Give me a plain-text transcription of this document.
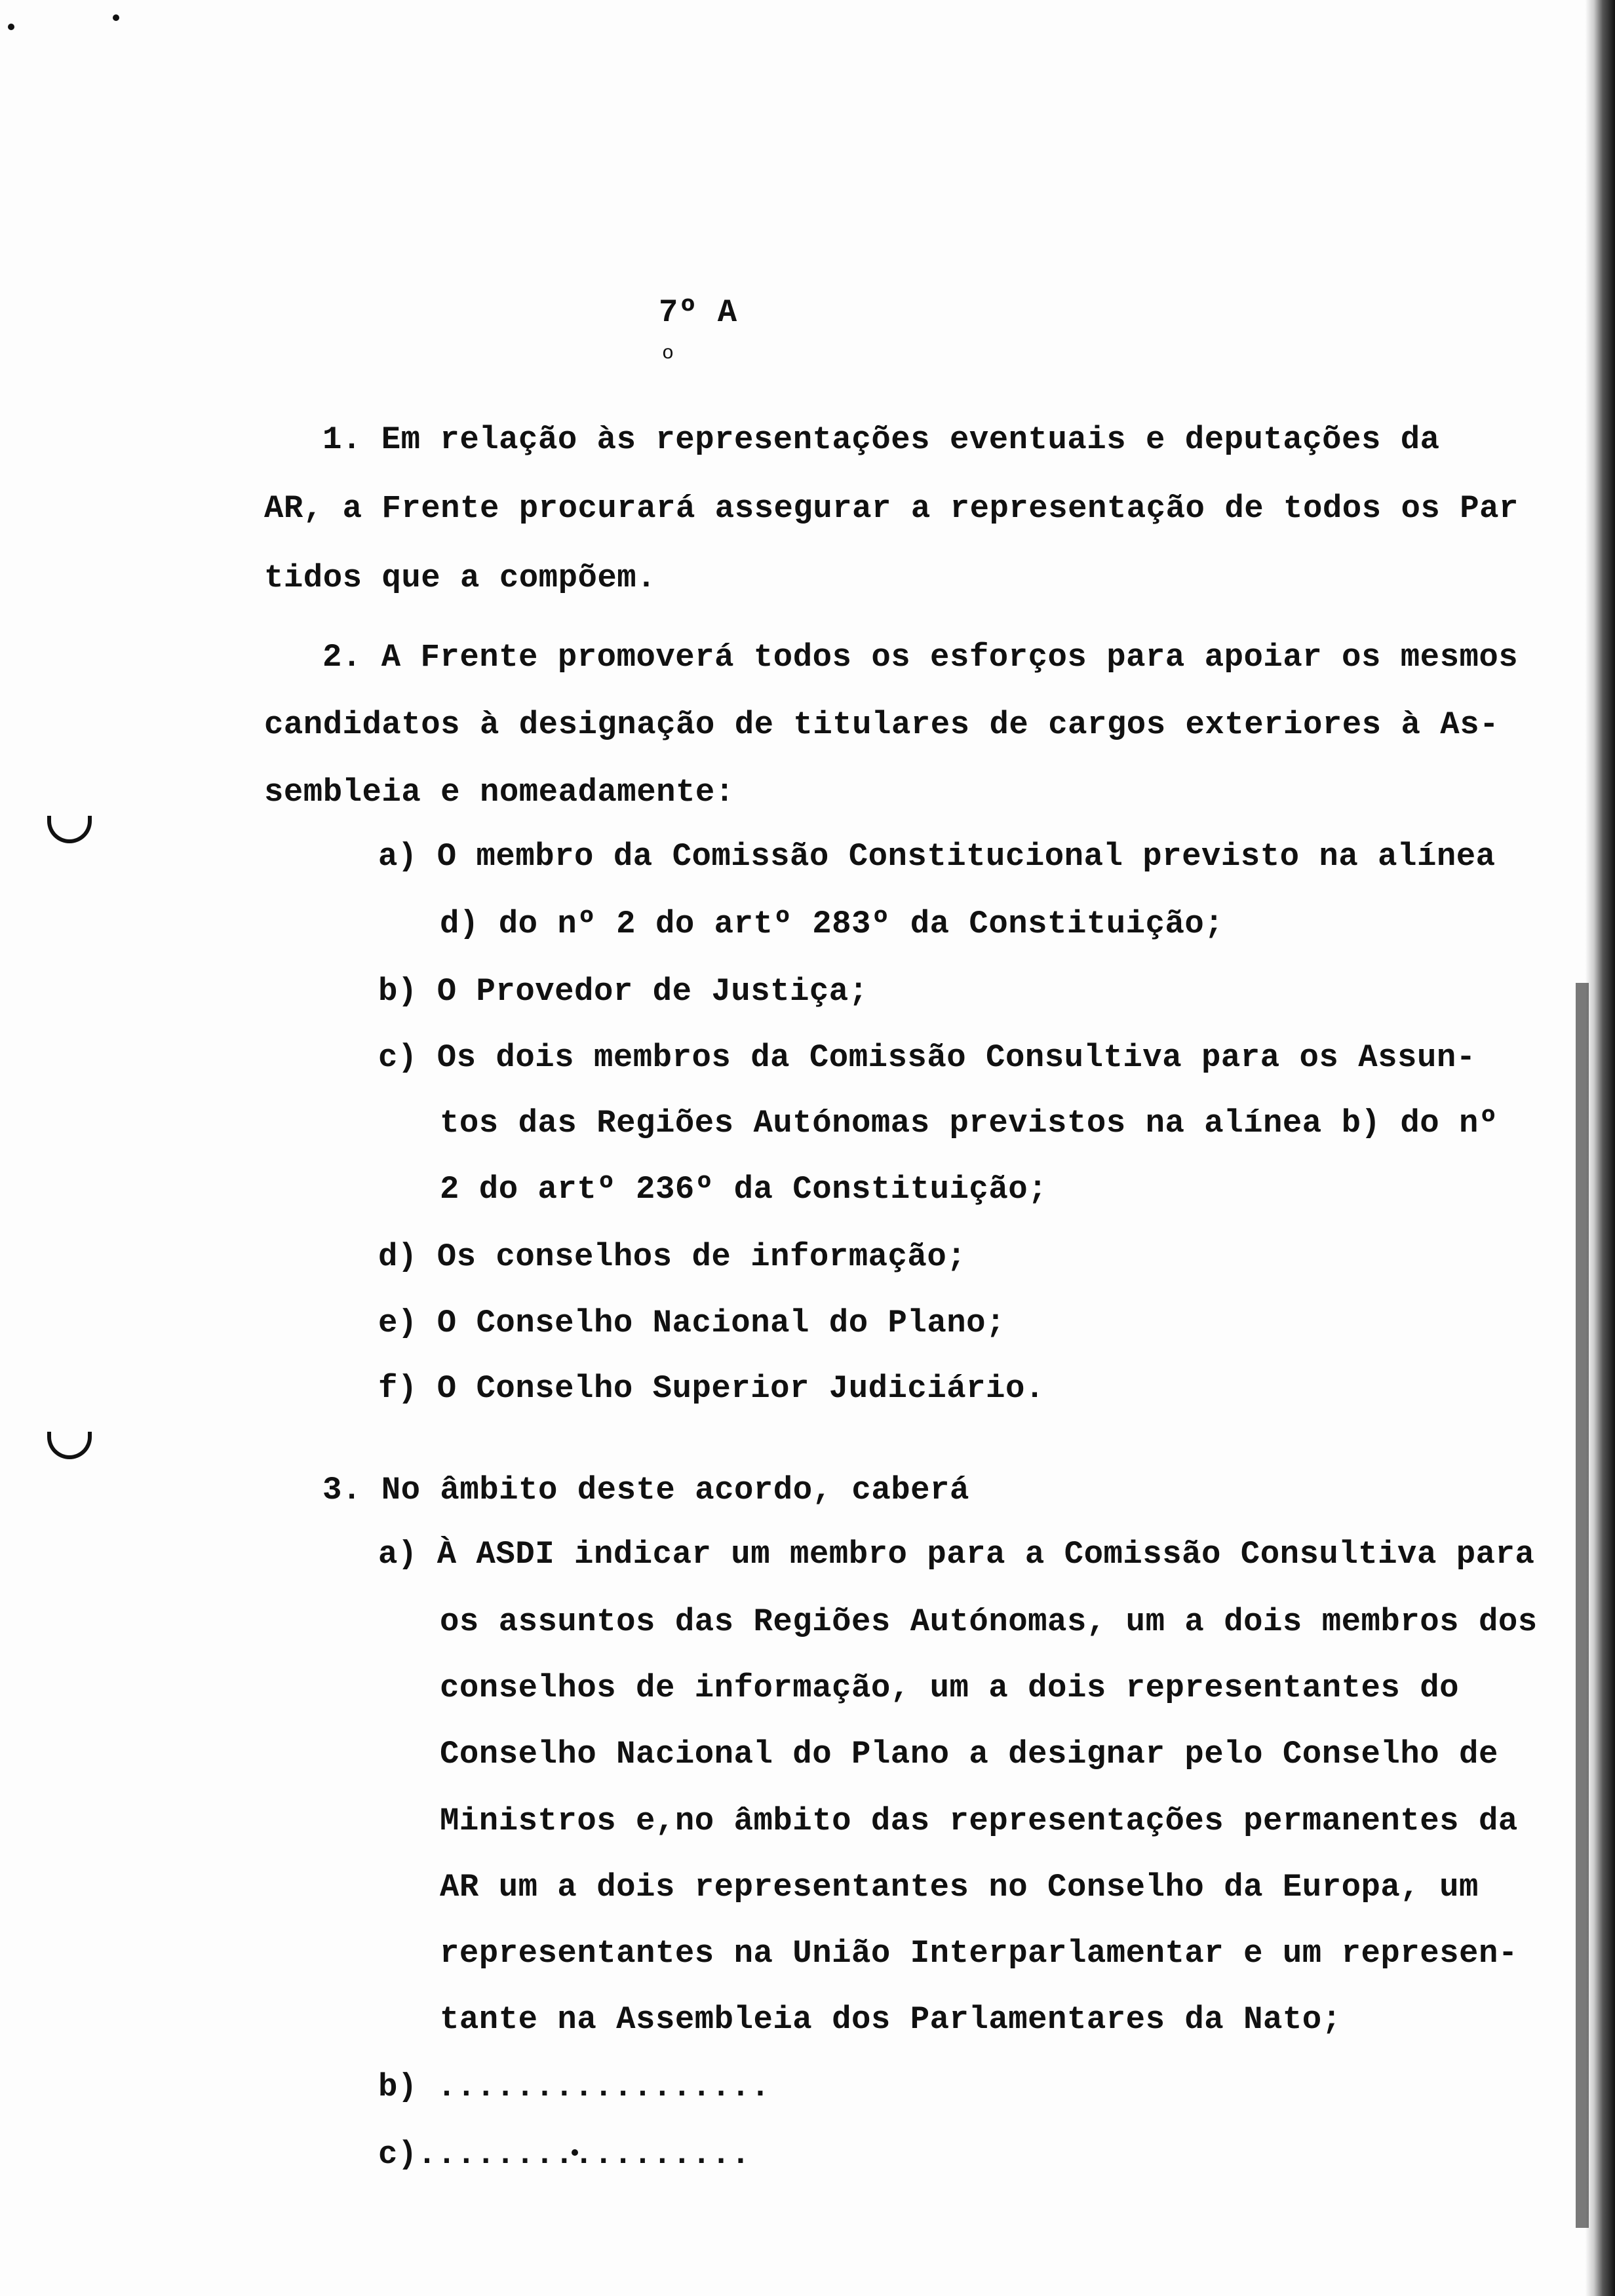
7º A
o
1. Em relação às representações eventuais e deputações da
AR, a Frente procurará assegurar a representação de todos os Par
tidos que a compõem.
2. A Frente promoverá todos os esforços para apoiar os mesmos
candidatos à designação de titulares de cargos exteriores à As-
sembleia e nomeadamente:
a) O membro da Comissão Constitucional previsto na alínea
d) do nº 2 do artº 283º da Constituição;
b) O Provedor de Justiça;
c) Os dois membros da Comissão Consultiva para os Assun-
tos das Regiões Autónomas previstos na alínea b) do nº
2 do artº 236º da Constituição;
d) Os conselhos de informação;
e) O Conselho Nacional do Plano;
f) O Conselho Superior Judiciário.
3. No âmbito deste acordo, caberá
a) À ASDI indicar um membro para a Comissão Consultiva para
os assuntos das Regiões Autónomas, um a dois membros dos
conselhos de informação, um a dois representantes do
Conselho Nacional do Plano a designar pelo Conselho de
Ministros e,no âmbito das representações permanentes da
AR um a dois representantes no Conselho da Europa, um
representantes na União Interparlamentar e um represen-
tante na Assembleia dos Parlamentares da Nato;
b) .................
c).................
